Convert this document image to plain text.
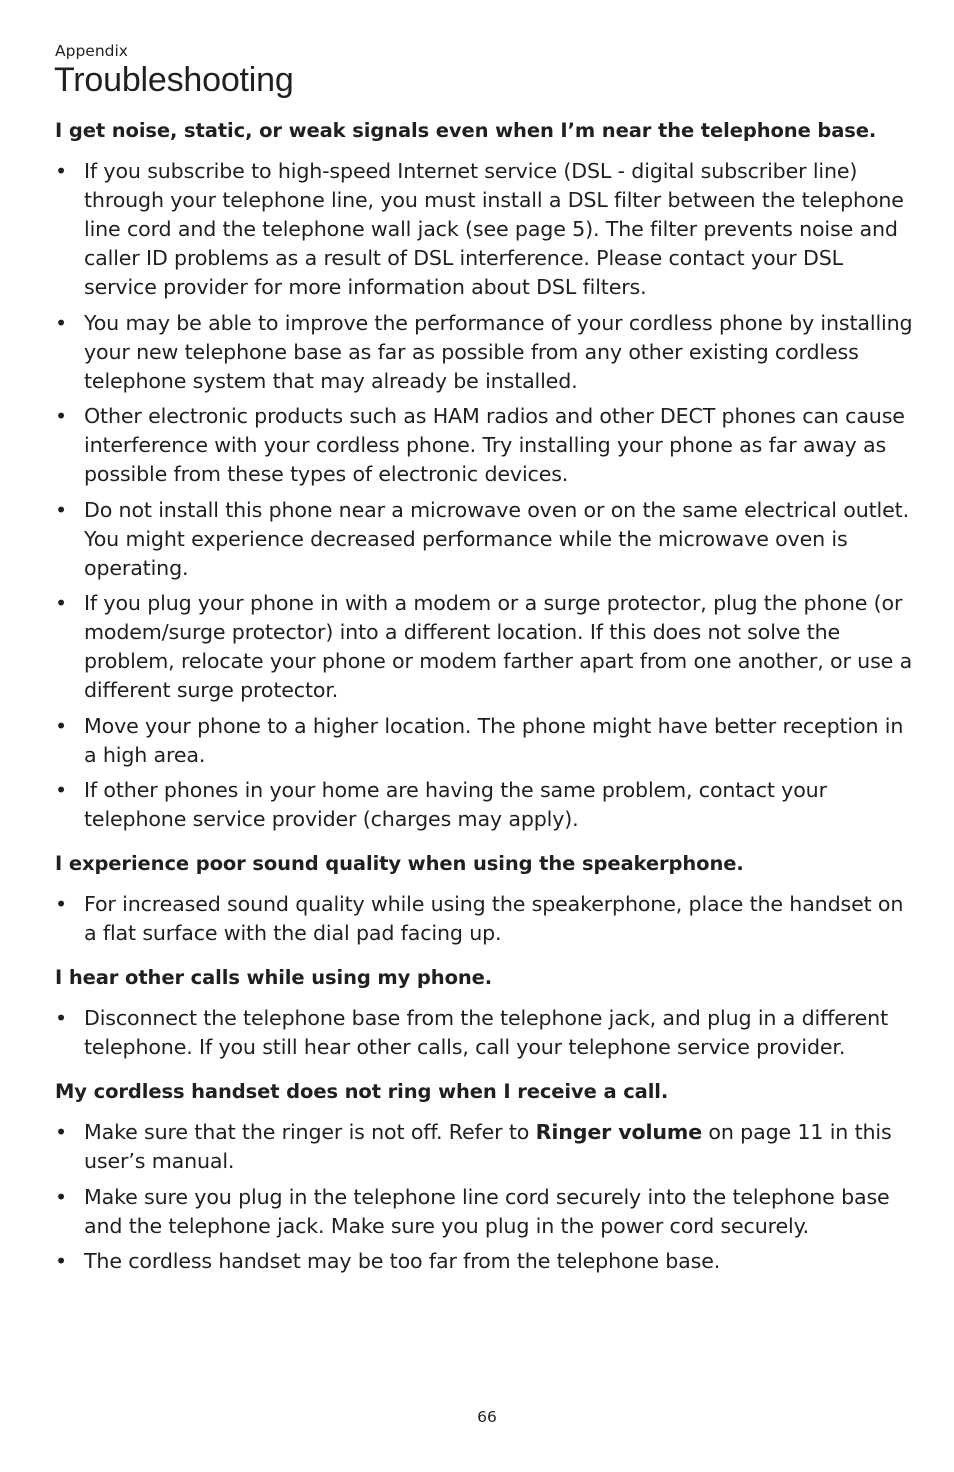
Appendix
Troubleshooting
I get noise, static, or weak signals even when I’m near the telephone base.
• If you subscribe to high-speed Internet service (DSL - digital subscriber line) through your telephone line, you must install a DSL filter between the telephone line cord and the telephone wall jack (see page 5). The filter prevents noise and caller ID problems as a result of DSL interference. Please contact your DSL service provider for more information about DSL filters.
• You may be able to improve the performance of your cordless phone by installing your new telephone base as far as possible from any other existing cordless telephone system that may already be installed.
• Other electronic products such as HAM radios and other DECT phones can cause interference with your cordless phone. Try installing your phone as far away as possible from these types of electronic devices.
• Do not install this phone near a microwave oven or on the same electrical outlet. You might experience decreased performance while the microwave oven is operating.
• If you plug your phone in with a modem or a surge protector, plug the phone (or modem/surge protector) into a different location. If this does not solve the problem, relocate your phone or modem farther apart from one another, or use a different surge protector.
• Move your phone to a higher location. The phone might have better reception in a high area.
• If other phones in your home are having the same problem, contact your telephone service provider (charges may apply).
I experience poor sound quality when using the speakerphone.
• For increased sound quality while using the speakerphone, place the handset on a flat surface with the dial pad facing up.
I hear other calls while using my phone.
• Disconnect the telephone base from the telephone jack, and plug in a different telephone. If you still hear other calls, call your telephone service provider.
My cordless handset does not ring when I receive a call.
• Make sure that the ringer is not off. Refer to Ringer volume on page 11 in this user’s manual.
• Make sure you plug in the telephone line cord securely into the telephone base and the telephone jack. Make sure you plug in the power cord securely.
• The cordless handset may be too far from the telephone base.
66
